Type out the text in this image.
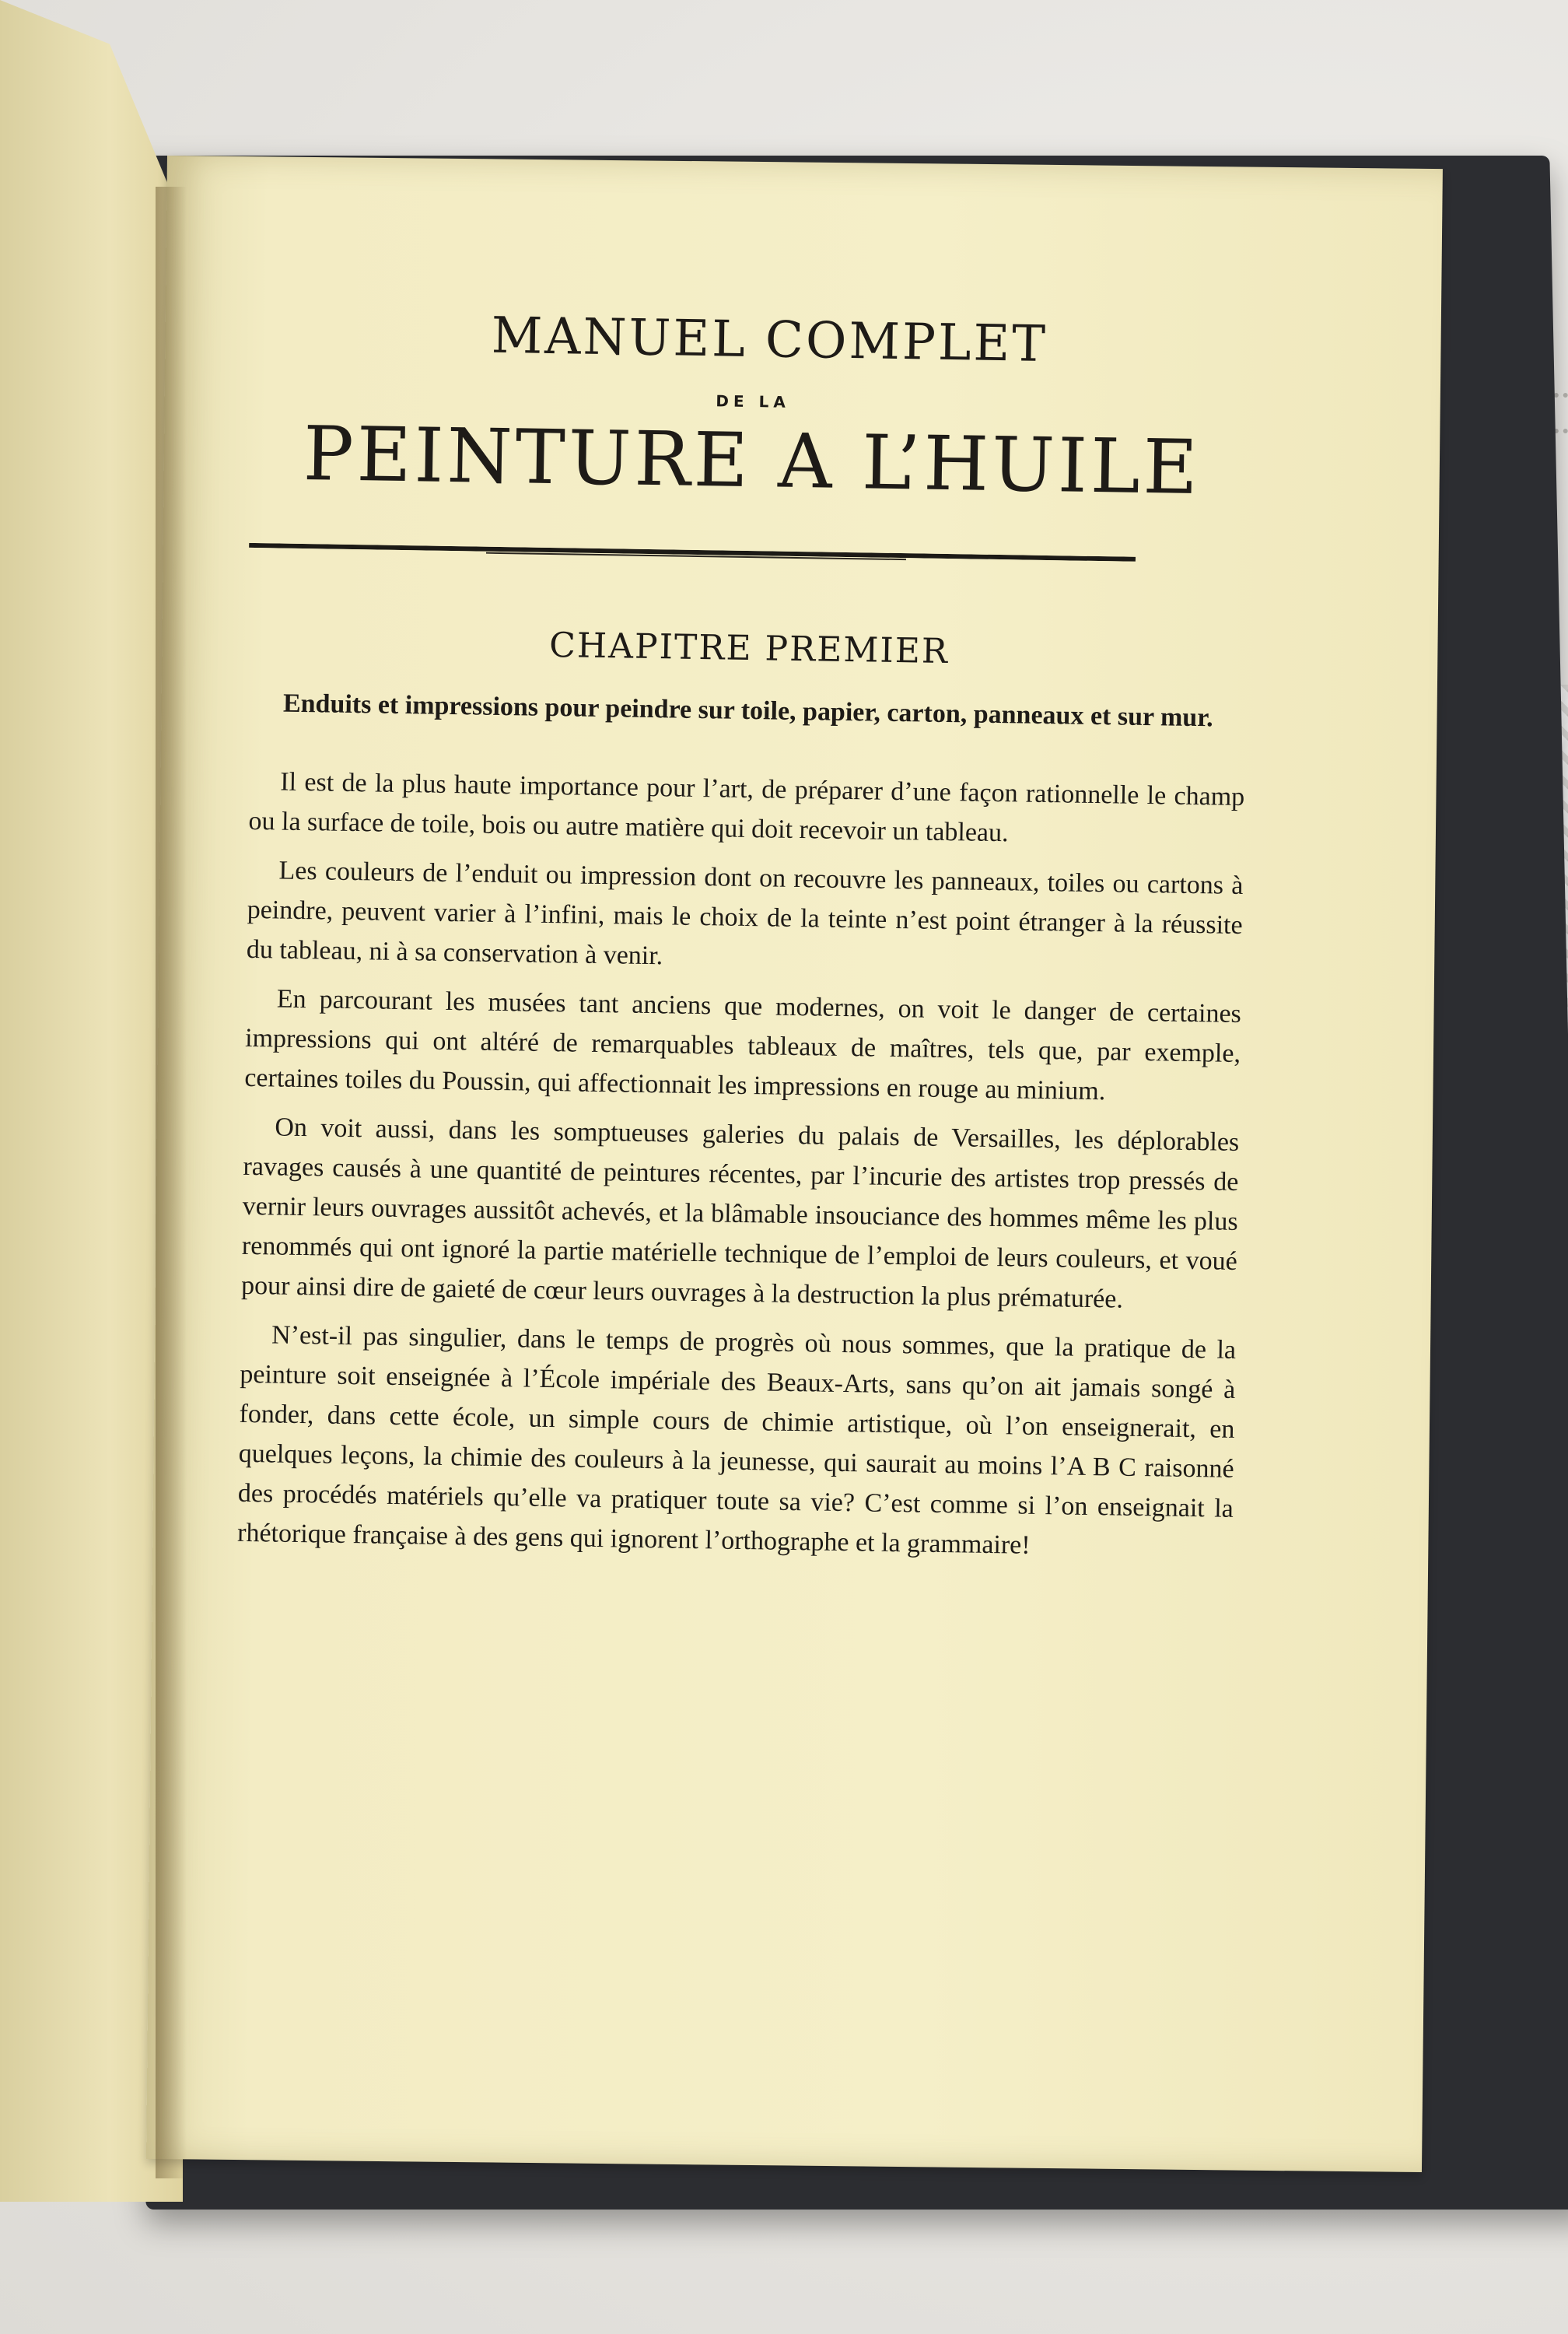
MANUEL COMPLET
DE LA
PEINTURE A L’HUILE
CHAPITRE PREMIER

Enduits et impressions pour peindre sur toile, papier, carton, panneaux et sur mur.

Il est de la plus haute importance pour l’art, de préparer d’une façon rationnelle le champ ou la surface de toile, bois ou autre matière qui doit recevoir un tableau.

Les couleurs de l’enduit ou impression dont on recouvre les panneaux, toiles ou cartons à peindre, peuvent varier à l’infini, mais le choix de la teinte n’est point étranger à la réussite du tableau, ni à sa conservation à venir.

En parcourant les musées tant anciens que modernes, on voit le danger de certaines impressions qui ont altéré de remarquables tableaux de maîtres, tels que, par exemple, certaines toiles du Poussin, qui affectionnait les impressions en rouge au minium.

On voit aussi, dans les somptueuses galeries du palais de Versailles, les déplorables ravages causés à une quantité de peintures récentes, par l’incurie des artistes trop pressés de vernir leurs ouvrages aussitôt achevés, et la blâmable insouciance des hommes même les plus renommés qui ont ignoré la partie matérielle technique de l’emploi de leurs couleurs, et voué pour ainsi dire de gaieté de cœur leurs ouvrages à la destruction la plus prématurée.

N’est-il pas singulier, dans le temps de progrès où nous sommes, que la pratique de la peinture soit enseignée à l’École impériale des Beaux-Arts, sans qu’on ait jamais songé à fonder, dans cette école, un simple cours de chimie artistique, où l’on enseignerait, en quelques leçons, la chimie des couleurs à la jeunesse, qui saurait au moins l’A B C raisonné des procédés matériels qu’elle va pratiquer toute sa vie? C’est comme si l’on enseignait la rhétorique française à des gens qui ignorent l’orthographe et la grammaire!
